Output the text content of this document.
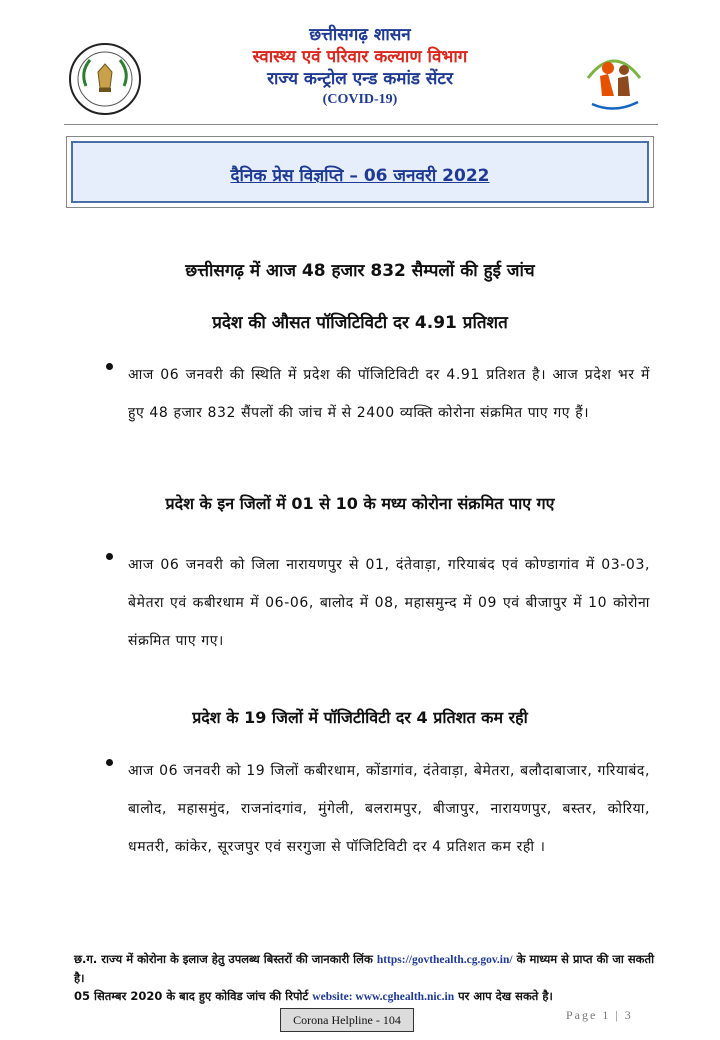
छत्तीसगढ़ शासन
स्वास्थ्य एवं परिवार कल्याण विभाग
राज्य कन्ट्रोल एन्ड कमांड सेंटर
(COVID-19)
दैनिक प्रेस विज्ञप्ति – 06 जनवरी 2022
छत्तीसगढ़ में आज 48 हजार 832 सैम्पलों की हुई जांच
प्रदेश की औसत पॉजिटिविटी दर 4.91 प्रतिशत

आज 06 जनवरी की स्थिति में प्रदेश की पॉजिटिविटी दर 4.91 प्रतिशत है। आज प्रदेश भर में हुए 48 हजार 832 सैंपलों की जांच में से 2400 व्यक्ति कोरोना संक्रमित पाए गए हैं।

प्रदेश के इन जिलों में 01 से 10 के मध्य कोरोना संक्रमित पाए गए

आज 06 जनवरी को जिला नारायणपुर से 01, दंतेवाड़ा, गरियाबंद एवं कोण्डागांव में 03-03, बेमेतरा एवं कबीरधाम में 06-06, बालोद में 08, महासमुन्द में 09 एवं बीजापुर में 10 कोरोना संक्रमित पाए गए।

प्रदेश के 19 जिलों में पॉजिटीविटी दर 4 प्रतिशत कम रही

आज 06 जनवरी को 19 जिलों कबीरधाम, कोंडागांव, दंतेवाड़ा, बेमेतरा, बलौदाबाजार, गरियाबंद, बालोद, महासमुंद, राजनांदगांव, मुंगेली, बलरामपुर, बीजापुर, नारायणपुर, बस्तर, कोरिया, धमतरी, कांकेर, सूरजपुर एवं सरगुजा से पॉजिटिविटी दर 4 प्रतिशत कम रही ।

छ.ग. राज्य में कोरोना के इलाज हेतु उपलब्ध बिस्तरों की जानकारी लिंक https://govthealth.cg.gov.in/ के माध्यम से प्राप्त की जा सकती है।
05 सितम्बर 2020 के बाद हुए कोविड जांच की रिपोर्ट website: www.cghealth.nic.in पर आप देख सकते है।
Corona Helpline - 104	Page 1 | 3
